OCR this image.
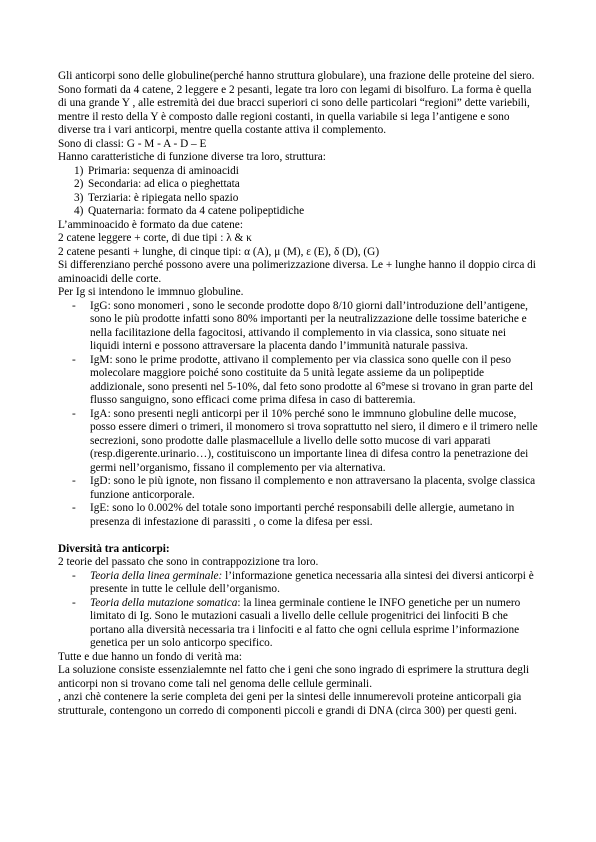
Gli anticorpi sono delle globuline(perché hanno struttura globulare), una frazione delle proteine del siero.

Sono formati da 4 catene, 2 leggere e 2 pesanti, legate tra loro con legami di bisolfuro. La forma è quella di una grande Y , alle estremità dei due bracci superiori ci sono delle particolari “regioni” dette variebili, mentre il resto della Y è composto dalle regioni costanti, in quella variabile si lega l’antigene e sono diverse tra i vari anticorpi, mentre quella costante attiva il complemento.

Sono di classi: G - M - A - D – E

Hanno caratteristiche di funzione diverse tra loro, struttura:

1) Primaria: sequenza di aminoacidi
2) Secondaria: ad elica o pieghettata
3) Terziaria: è ripiegata nello spazio
4) Quaternaria: formato da 4 catene polipeptidiche

L’amminoacido è formato da due catene:

2 catene leggere + corte, di due tipi : λ & κ

2 catene pesanti + lunghe, di cinque tipi: α (A), μ (M), ε (E), δ (D), (G)

Si differenziano perché possono avere una polimerizzazione diversa. Le + lunghe hanno il doppio circa di aminoacidi delle corte.

Per Ig si intendono le immnuo globuline.

- IgG: sono monomeri , sono le seconde prodotte dopo 8/10 giorni dall’introduzione dell’antigene, sono le più prodotte infatti sono 80% importanti per la neutralizzazione delle tossime bateriche e nella facilitazione della fagocitosi, attivando il complemento in via classica, sono situate nei liquidi interni e possono attraversare la placenta dando l’immunità naturale passiva.
- IgM: sono le prime prodotte, attivano il complemento per via classica sono quelle con il peso molecolare maggiore poiché sono costituite da 5 unità legate assieme da un polipeptide addizionale, sono presenti nel 5-10%, dal feto sono prodotte al 6°mese si trovano in gran parte del flusso sanguigno, sono efficaci come prima difesa in caso di batteremia.
- IgA: sono presenti negli anticorpi per il 10% perché sono le immnuno globuline delle mucose, posso essere dimeri o trimeri, il monomero si trova soprattutto nel siero, il dimero e il trimero nelle secrezioni, sono prodotte dalle plasmacellule a livello delle sotto mucose di vari apparati (resp.digerente.urinario…), costituiscono un importante linea di difesa contro la penetrazione dei germi nell’organismo, fissano il complemento per via alternativa.
- IgD: sono le più ignote, non fissano il complemento e non attraversano la placenta, svolge classica funzione anticorporale.
- IgE: sono lo 0.002% del totale sono importanti perché responsabili delle allergie, aumetano in presenza di infestazione di parassiti , o come la difesa per essi.

Diversità tra anticorpi:

2 teorie del passato che sono in contrappozizione tra loro.

- Teoria della linea germinale: l’informazione genetica necessaria alla sintesi dei diversi anticorpi è presente in tutte le cellule dell’organismo.
- Teoria della mutazione somatica: la linea germinale contiene le INFO genetiche per un numero limitato di Ig. Sono le mutazioni casuali a livello delle cellule progenitrici dei linfociti B che portano alla diversità necessaria tra i linfociti e al fatto che ogni cellula esprime l’informazione genetica per un solo anticorpo specifico.

Tutte e due hanno un fondo di verità ma:

La soluzione consiste essenzialemnte nel fatto che i geni che sono ingrado di esprimere la struttura degli anticorpi non si trovano come tali nel genoma delle cellule germinali.

, anzi chè contenere la serie completa dei geni per la sintesi delle innumerevoli proteine anticorpali gia strutturale, contengono un corredo di componenti piccoli e grandi di DNA (circa 300) per questi geni.
